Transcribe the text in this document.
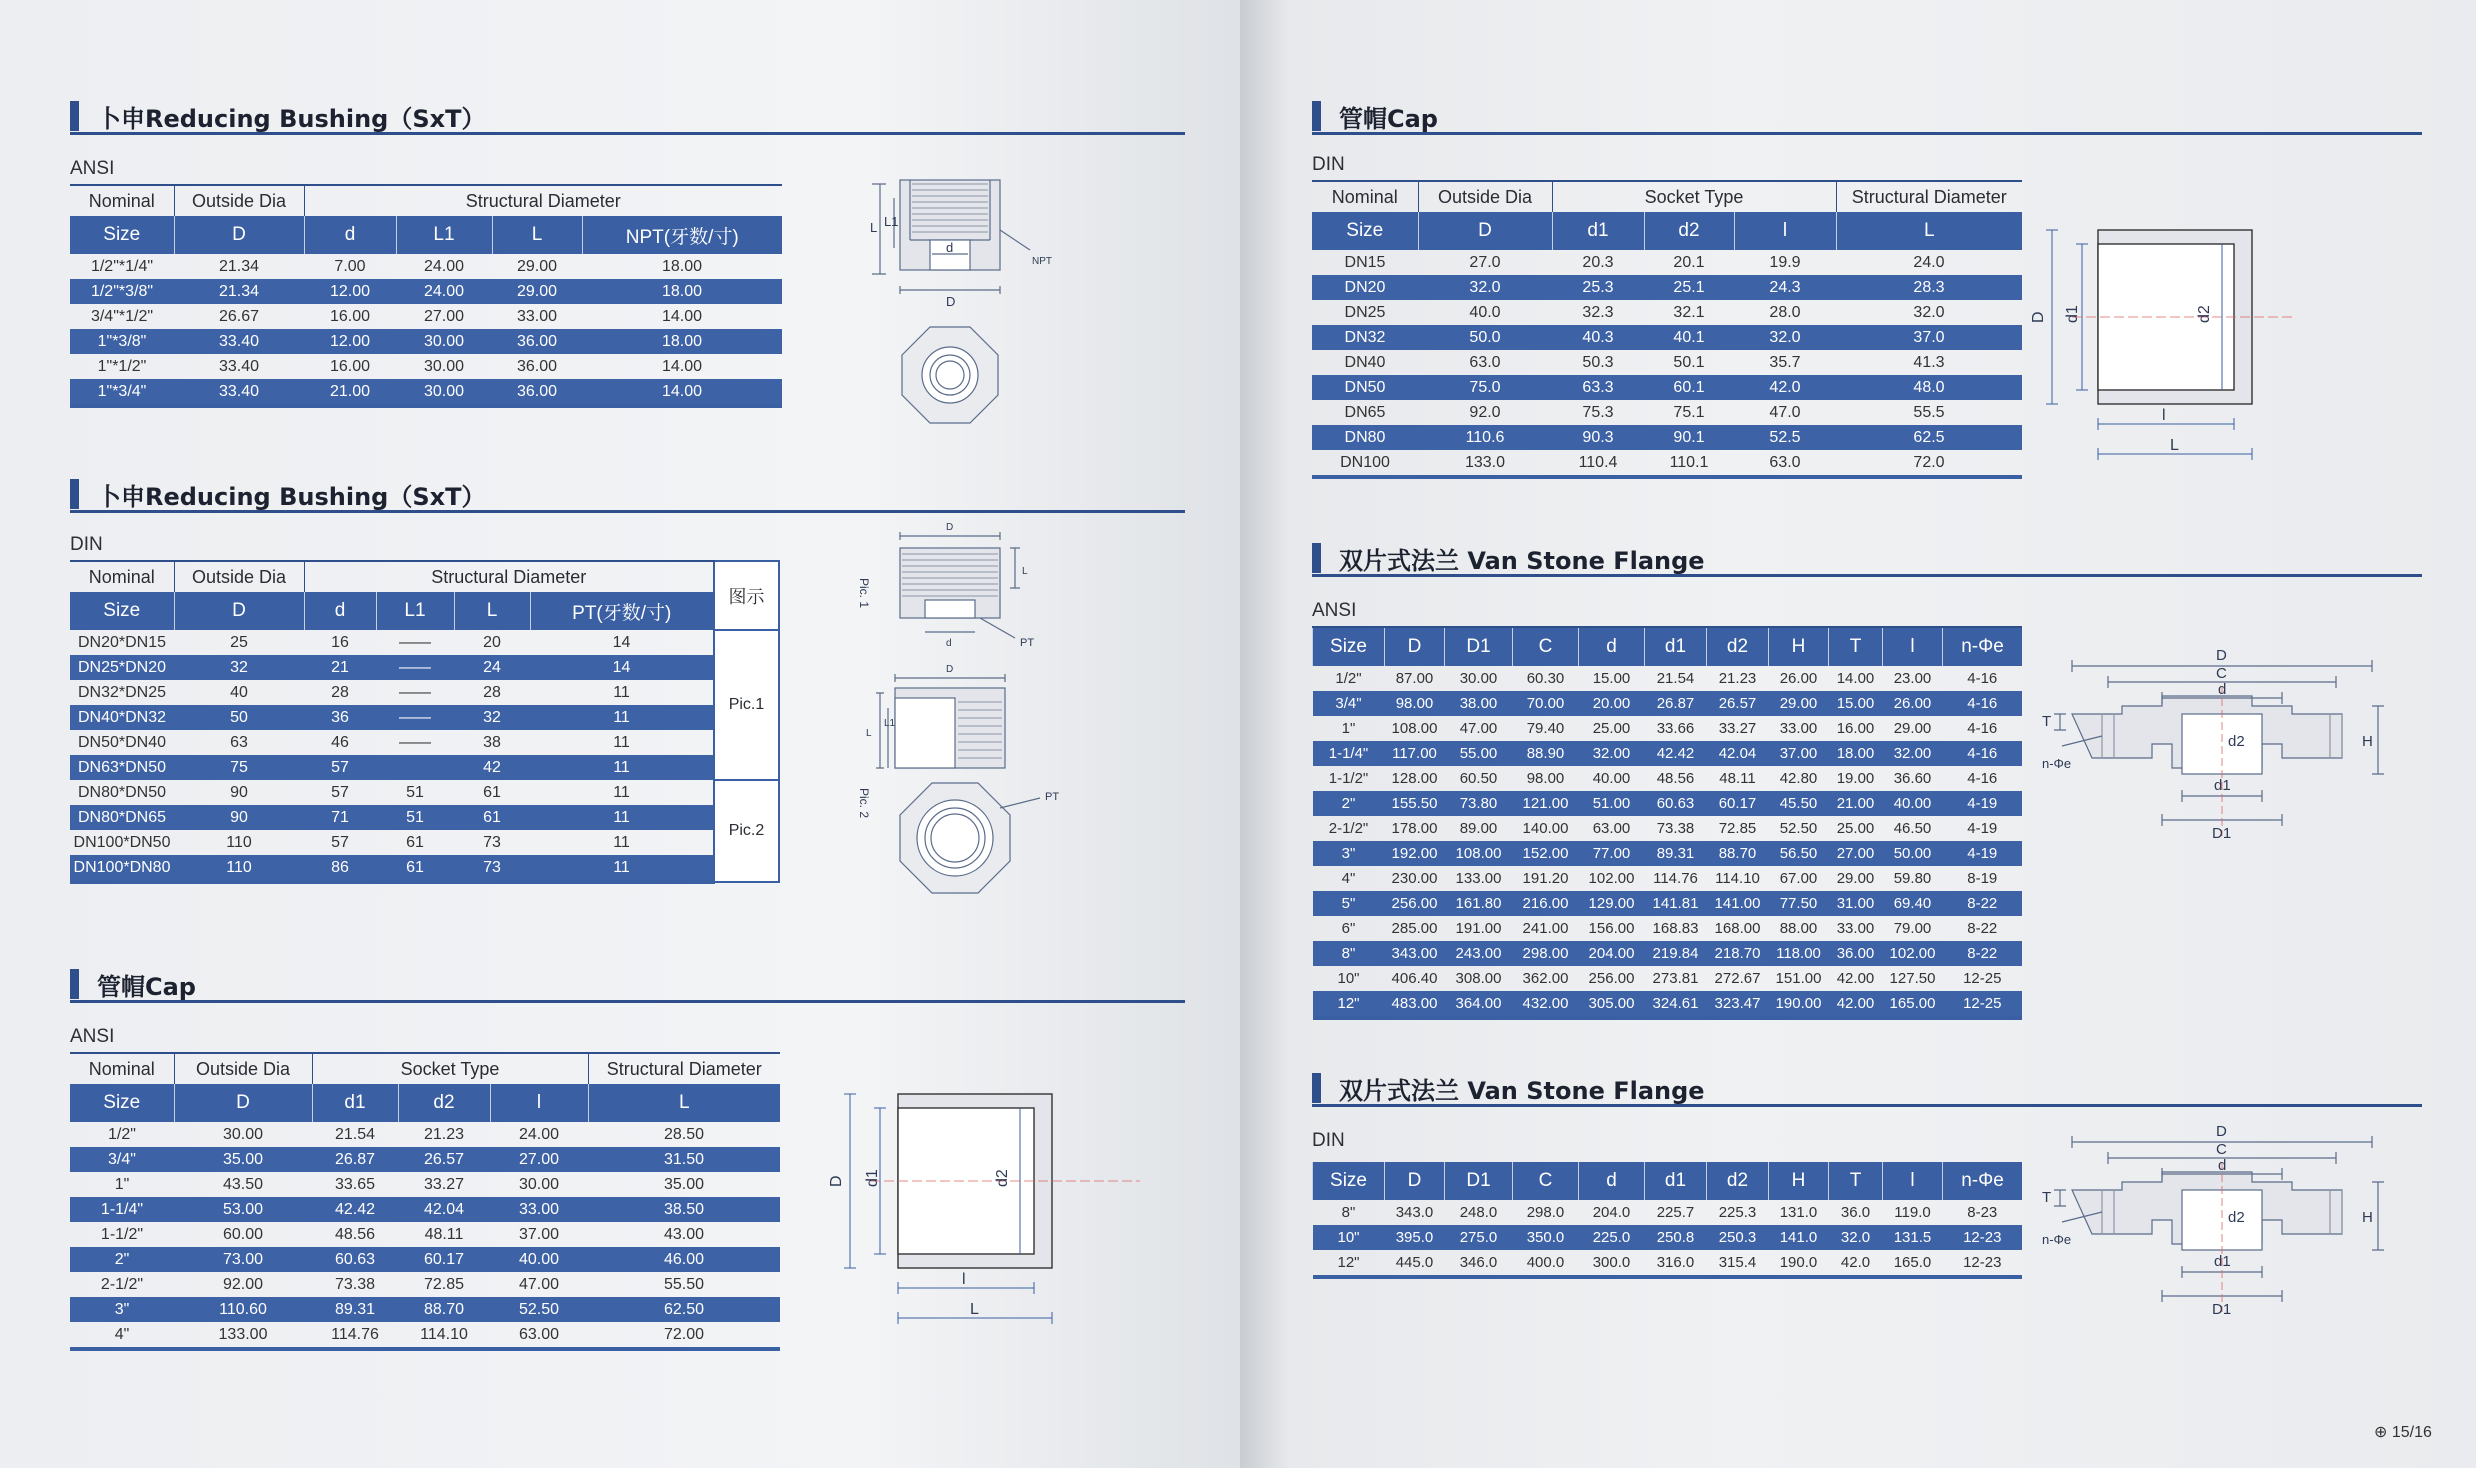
卜申Reducing Bushing（SxT）
ANSI
Nominal	Outside Dia	Structural Diameter			
Size	D	d	L1	L	NPT(牙数/寸)
1/2"*1/4"	21.34	7.00	24.00	29.00	18.00
1/2"*3/8"	21.34	12.00	24.00	29.00	18.00
3/4"*1/2"	26.67	16.00	27.00	33.00	14.00
1"*3/8"	33.40	12.00	30.00	36.00	18.00
1"*1/2"	33.40	16.00	30.00	36.00	14.00
1"*3/4"	33.40	21.00	30.00	36.00	14.00
L L1
d
D
NPT
卜申Reducing Bushing（SxT）
DIN
Nominal	Outside Dia	Structural Diameter				图示
Size	D	d	L1	L	PT(牙数/寸)	
DN20*DN15	25	16	——	20	14	Pic.1
DN25*DN20	32	21	——	24	14	
DN32*DN25	40	28	——	28	11	
DN40*DN32	50	36	——	32	11	
DN50*DN40	63	46	——	38	11	
DN63*DN50	75	57		42	11	
DN80*DN50	90	57	51	61	11	Pic.2
DN80*DN65	90	71	51	61	11	
DN100*DN50	110	57	61	73	11	
DN100*DN80	110	86	61	73	11	
Pic. 1
Pic. 2
D
d
L
PT
D
L
L1
PT
管帽Cap
ANSI
Nominal	Outside Dia	Socket Type			Structural Diameter
Size	D	d1	d2	l	L
1/2"	30.00	21.54	21.23	24.00	28.50
3/4"	35.00	26.87	26.57	27.00	31.50
1"	43.50	33.65	33.27	30.00	35.00
1-1/4"	53.00	42.42	42.04	33.00	38.50
1-1/2"	60.00	48.56	48.11	37.00	43.00
2"	73.00	60.63	60.17	40.00	46.00
2-1/2"	92.00	73.38	72.85	47.00	55.50
3"	110.60	89.31	88.70	52.50	62.50
4"	133.00	114.76	114.10	63.00	72.00
D d1	d2
l
L
管帽Cap
DIN
Nominal	Outside Dia	Socket Type			Structural Diameter
Size	D	d1	d2	l	L
DN15	27.0	20.3	20.1	19.9	24.0
DN20	32.0	25.3	25.1	24.3	28.3
DN25	40.0	32.3	32.1	28.0	32.0
DN32	50.0	40.3	40.1	32.0	37.0
DN40	63.0	50.3	50.1	35.7	41.3
DN50	75.0	63.3	60.1	42.0	48.0
DN65	92.0	75.3	75.1	47.0	55.5
DN80	110.6	90.3	90.1	52.5	62.5
DN100	133.0	110.4	110.1	63.0	72.0
D d1	d2
l
L
双片式法兰 Van Stone Flange
ANSI
Size	D	D1	C	d	d1	d2	H	T	l	n-Φe
1/2"	87.00	30.00	60.30	15.00	21.54	21.23	26.00	14.00	23.00	4-16
3/4"	98.00	38.00	70.00	20.00	26.87	26.57	29.00	15.00	26.00	4-16
1"	108.00	47.00	79.40	25.00	33.66	33.27	33.00	16.00	29.00	4-16
1-1/4"	117.00	55.00	88.90	32.00	42.42	42.04	37.00	18.00	32.00	4-16
1-1/2"	128.00	60.50	98.00	40.00	48.56	48.11	42.80	19.00	36.60	4-16
2"	155.50	73.80	121.00	51.00	60.63	60.17	45.50	21.00	40.00	4-19
2-1/2"	178.00	89.00	140.00	63.00	73.38	72.85	52.50	25.00	46.50	4-19
3"	192.00	108.00	152.00	77.00	89.31	88.70	56.50	27.00	50.00	4-19
4"	230.00	133.00	191.20	102.00	114.76	114.10	67.00	29.00	59.80	8-19
5"	256.00	161.80	216.00	129.00	141.81	141.00	77.50	31.00	69.40	8-22
6"	285.00	191.00	241.00	156.00	168.83	168.00	88.00	33.00	79.00	8-22
8"	343.00	243.00	298.00	204.00	219.84	218.70	118.00	36.00	102.00	8-22
10"	406.40	308.00	362.00	256.00	273.81	272.67	151.00	42.00	127.50	12-25
12"	483.00	364.00	432.00	305.00	324.61	323.47	190.00	42.00	165.00	12-25
D
C
d
d2
d1
D1
T
H
n-Φe
双片式法兰 Van Stone Flange
DIN
Size	D	D1	C	d	d1	d2	H	T	l	n-Φe
8"	343.0	248.0	298.0	204.0	225.7	225.3	131.0	36.0	119.0	8-23
10"	395.0	275.0	350.0	225.0	250.8	250.3	141.0	32.0	131.5	12-23
12"	445.0	346.0	400.0	300.0	316.0	315.4	190.0	42.0	165.0	12-23
D
C
d
d2
d1
D1
T
H
n-Φe
⊕ 15/16
